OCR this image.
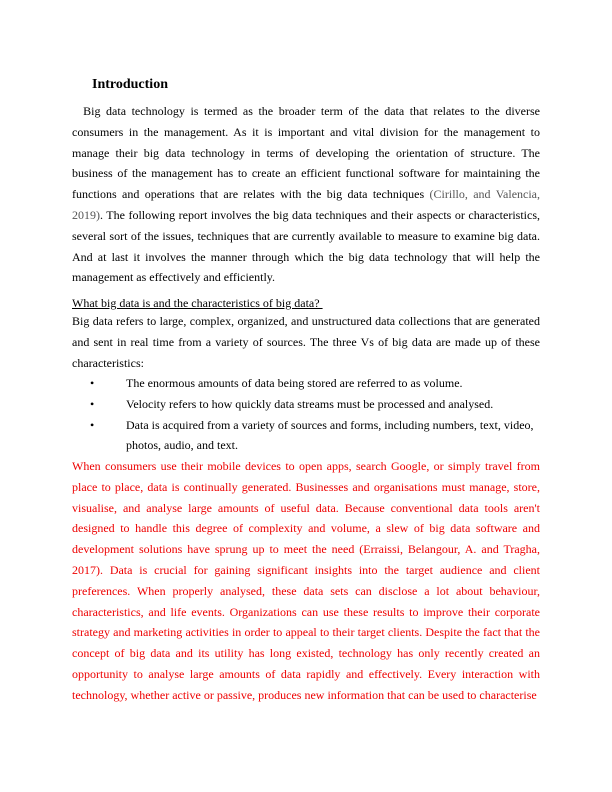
Introduction

Big data technology is termed as the broader term of the data that relates to the diverse consumers in the management. As it is important and vital division for the management to manage their big data technology in terms of developing the orientation of structure. The business of the management has to create an efficient functional software for maintaining the functions and operations that are relates with the big data techniques (Cirillo, and Valencia, 2019). The following report involves the big data techniques and their aspects or characteristics, several sort of the issues, techniques that are currently available to measure to examine big data. And at last it involves the manner through which the big data technology that will help the management as effectively and efficiently.

What big data is and the characteristics of big data?

Big data refers to large, complex, organized, and unstructured data collections that are generated and sent in real time from a variety of sources. The three Vs of big data are made up of these characteristics:

•	The enormous amounts of data being stored are referred to as volume.
•	Velocity refers to how quickly data streams must be processed and analysed.
•	Data is acquired from a variety of sources and forms, including numbers, text, video, photos, audio, and text.

When consumers use their mobile devices to open apps, search Google, or simply travel from place to place, data is continually generated. Businesses and organisations must manage, store, visualise, and analyse large amounts of useful data. Because conventional data tools aren't designed to handle this degree of complexity and volume, a slew of big data software and development solutions have sprung up to meet the need (Erraissi, Belangour, A. and Tragha, 2017). Data is crucial for gaining significant insights into the target audience and client preferences. When properly analysed, these data sets can disclose a lot about behaviour, characteristics, and life events. Organizations can use these results to improve their corporate strategy and marketing activities in order to appeal to their target clients. Despite the fact that the concept of big data and its utility has long existed, technology has only recently created an opportunity to analyse large amounts of data rapidly and effectively. Every interaction with technology, whether active or passive, produces new information that can be used to characterise
